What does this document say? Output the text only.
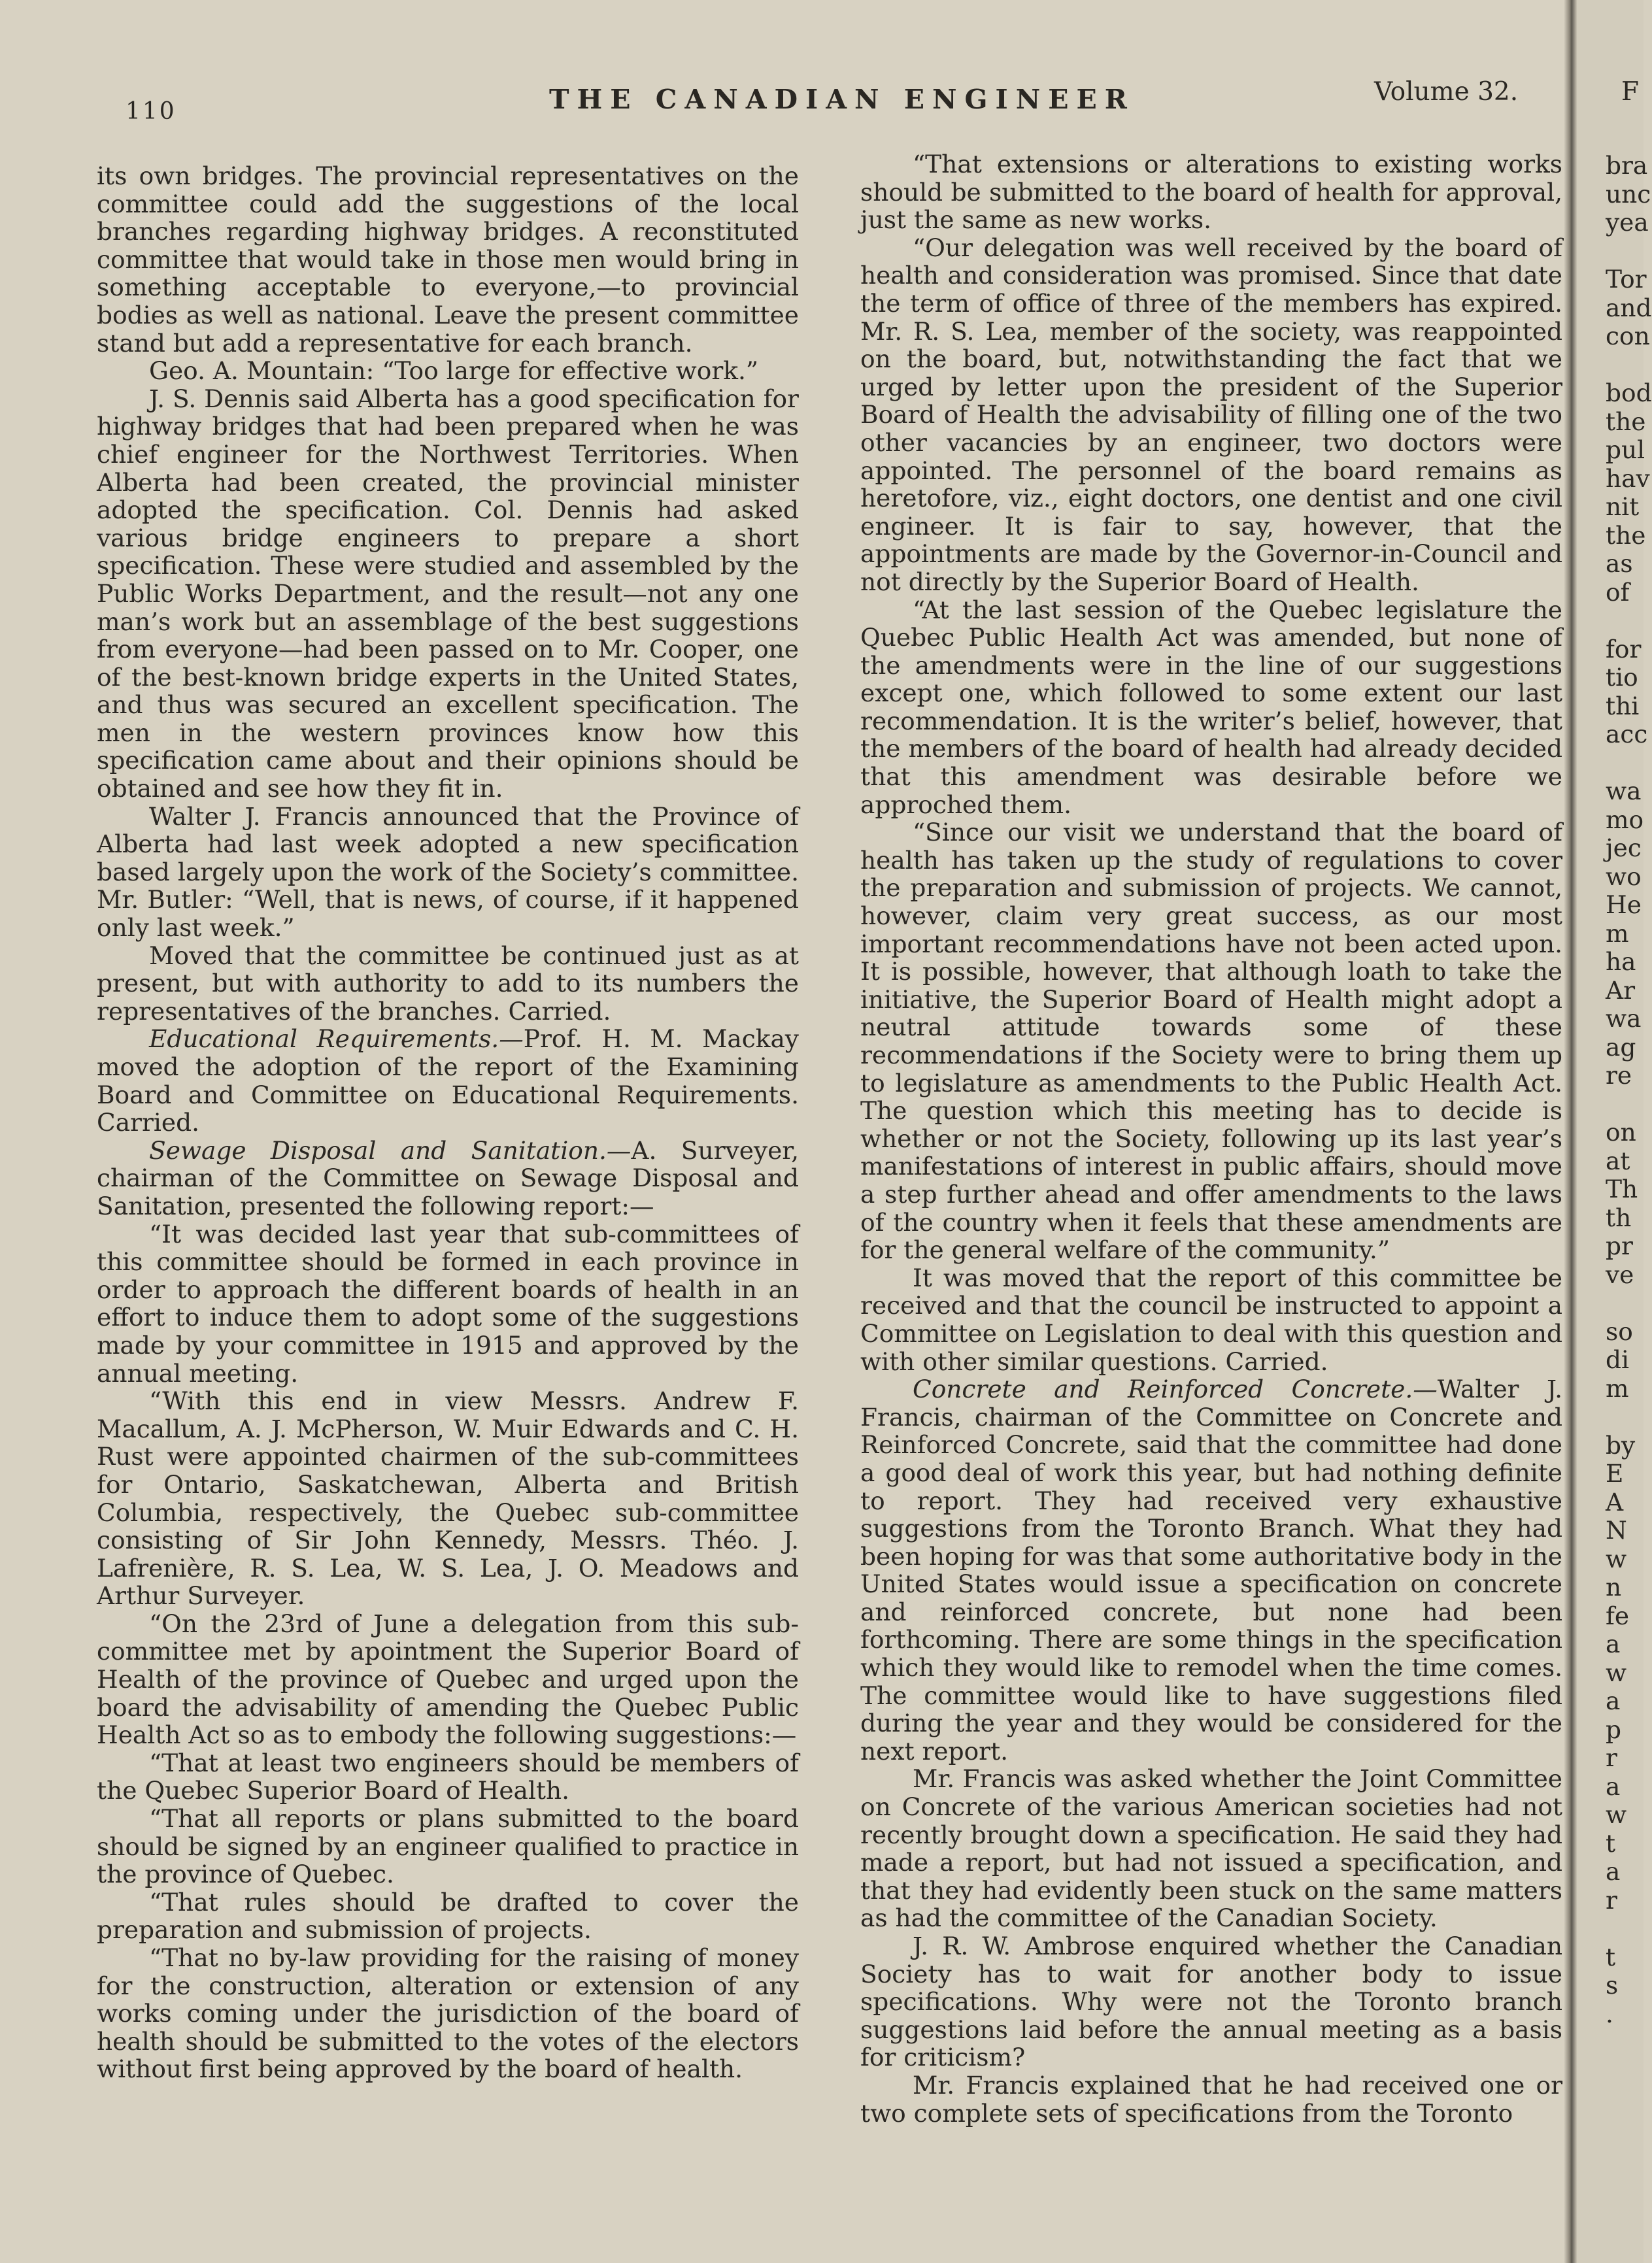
110	THE CANADIAN ENGINEER	Volume 32.

its own bridges. The provincial representatives on the committee could add the suggestions of the local branches regarding highway bridges. A reconstituted committee that would take in those men would bring in something acceptable to everyone,—to provincial bodies as well as national. Leave the present committee stand but add a representative for each branch.

Geo. A. Mountain: “Too large for effective work.”

J. S. Dennis said Alberta has a good specification for highway bridges that had been prepared when he was chief engineer for the Northwest Territories. When Alberta had been created, the provincial minister adopted the specification. Col. Dennis had asked various bridge engineers to prepare a short specification. These were studied and assembled by the Public Works Department, and the result—not any one man’s work but an assemblage of the best suggestions from everyone—had been passed on to Mr. Cooper, one of the best-known bridge experts in the United States, and thus was secured an excellent specification. The men in the western provinces know how this specification came about and their opinions should be obtained and see how they fit in.

Walter J. Francis announced that the Province of Alberta had last week adopted a new specification based largely upon the work of the Society’s committee. Mr. Butler: “Well, that is news, of course, if it happened only last week.”

Moved that the committee be continued just as at present, but with authority to add to its numbers the representatives of the branches. Carried.

Educational Requirements.—Prof. H. M. Mackay moved the adoption of the report of the Examining Board and Committee on Educational Requirements. Carried.

Sewage Disposal and Sanitation.—A. Surveyer, chairman of the Committee on Sewage Disposal and Sanitation, presented the following report:—

“It was decided last year that sub-committees of this committee should be formed in each province in order to approach the different boards of health in an effort to induce them to adopt some of the suggestions made by your committee in 1915 and approved by the annual meeting.

“With this end in view Messrs. Andrew F. Macallum, A. J. McPherson, W. Muir Edwards and C. H. Rust were appointed chairmen of the sub-committees for Ontario, Saskatchewan, Alberta and British Columbia, respectively, the Quebec sub-committee consisting of Sir John Kennedy, Messrs. Théo. J. Lafrenière, R. S. Lea, W. S. Lea, J. O. Meadows and Arthur Surveyer.

“On the 23rd of June a delegation from this sub-committee met by apointment the Superior Board of Health of the province of Quebec and urged upon the board the advisability of amending the Quebec Public Health Act so as to embody the following suggestions:—

“That at least two engineers should be members of the Quebec Superior Board of Health.

“That all reports or plans submitted to the board should be signed by an engineer qualified to practice in the province of Quebec.

“That rules should be drafted to cover the preparation and submission of projects.

“That no by-law providing for the raising of money for the construction, alteration or extension of any works coming under the jurisdiction of the board of health should be submitted to the votes of the electors without first being approved by the board of health.

“That extensions or alterations to existing works should be submitted to the board of health for approval, just the same as new works.

“Our delegation was well received by the board of health and consideration was promised. Since that date the term of office of three of the members has expired. Mr. R. S. Lea, member of the society, was reappointed on the board, but, notwithstanding the fact that we urged by letter upon the president of the Superior Board of Health the advisability of filling one of the two other vacancies by an engineer, two doctors were appointed. The personnel of the board remains as heretofore, viz., eight doctors, one dentist and one civil engineer. It is fair to say, however, that the appointments are made by the Governor-in-Council and not directly by the Superior Board of Health.

“At the last session of the Quebec legislature the Quebec Public Health Act was amended, but none of the amendments were in the line of our suggestions except one, which followed to some extent our last recommendation. It is the writer’s belief, however, that the members of the board of health had already decided that this amendment was desirable before we approched them.

“Since our visit we understand that the board of health has taken up the study of regulations to cover the preparation and submission of projects. We cannot, however, claim very great success, as our most important recommendations have not been acted upon. It is possible, however, that although loath to take the initiative, the Superior Board of Health might adopt a neutral attitude towards some of these recommendations if the Society were to bring them up to legislature as amendments to the Public Health Act. The question which this meeting has to decide is whether or not the Society, following up its last year’s manifestations of interest in public affairs, should move a step further ahead and offer amendments to the laws of the country when it feels that these amendments are for the general welfare of the community.”

It was moved that the report of this committee be received and that the council be instructed to appoint a Committee on Legislation to deal with this question and with other similar questions. Carried.

Concrete and Reinforced Concrete.—Walter J. Francis, chairman of the Committee on Concrete and Reinforced Concrete, said that the committee had done a good deal of work this year, but had nothing definite to report. They had received very exhaustive suggestions from the Toronto Branch. What they had been hoping for was that some authoritative body in the United States would issue a specification on concrete and reinforced concrete, but none had been forthcoming. There are some things in the specification which they would like to remodel when the time comes. The committee would like to have suggestions filed during the year and they would be considered for the next report.

Mr. Francis was asked whether the Joint Committee on Concrete of the various American societies had not recently brought down a specification. He said they had made a report, but had not issued a specification, and that they had evidently been stuck on the same matters as had the committee of the Canadian Society.

J. R. W. Ambrose enquired whether the Canadian Society has to wait for another body to issue specifications. Why were not the Toronto branch suggestions laid before the annual meeting as a basis for criticism?

Mr. Francis explained that he had received one or two complete sets of specifications from the Toronto

F
bra
unc
yea

Tor
and
con

bod
the
pul
hav
nit
the
as
of

for
tio
thi
acc

wa
mo
jec
wo
He
m
ha
Ar
wa
ag
re

on
at
Th
th
pr
ve

so
di
m

by
E
A
N
w
n
fe
a
w
a
p
r
a
w
t
a
r

t
s
.
